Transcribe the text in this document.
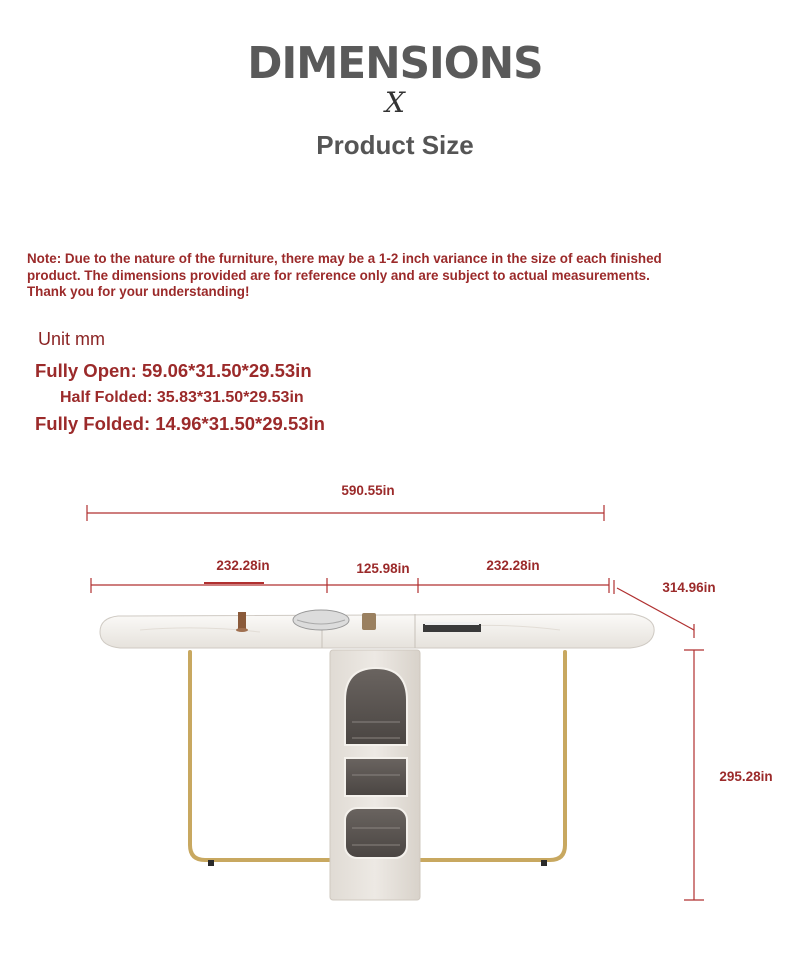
DIMENSIONS
X
Product Size
Note: Due to the nature of the furniture, there may be a 1-2 inch variance in the size of each finished
product. The dimensions provided are for reference only and are subject to actual measurements.
Thank you for your understanding!
Unit mm
Fully Open: 59.06*31.50*29.53in
Half Folded: 35.83*31.50*29.53in
Fully Folded: 14.96*31.50*29.53in
590.55in
232.28in	125.98in	232.28in
314.96in
295.28in
